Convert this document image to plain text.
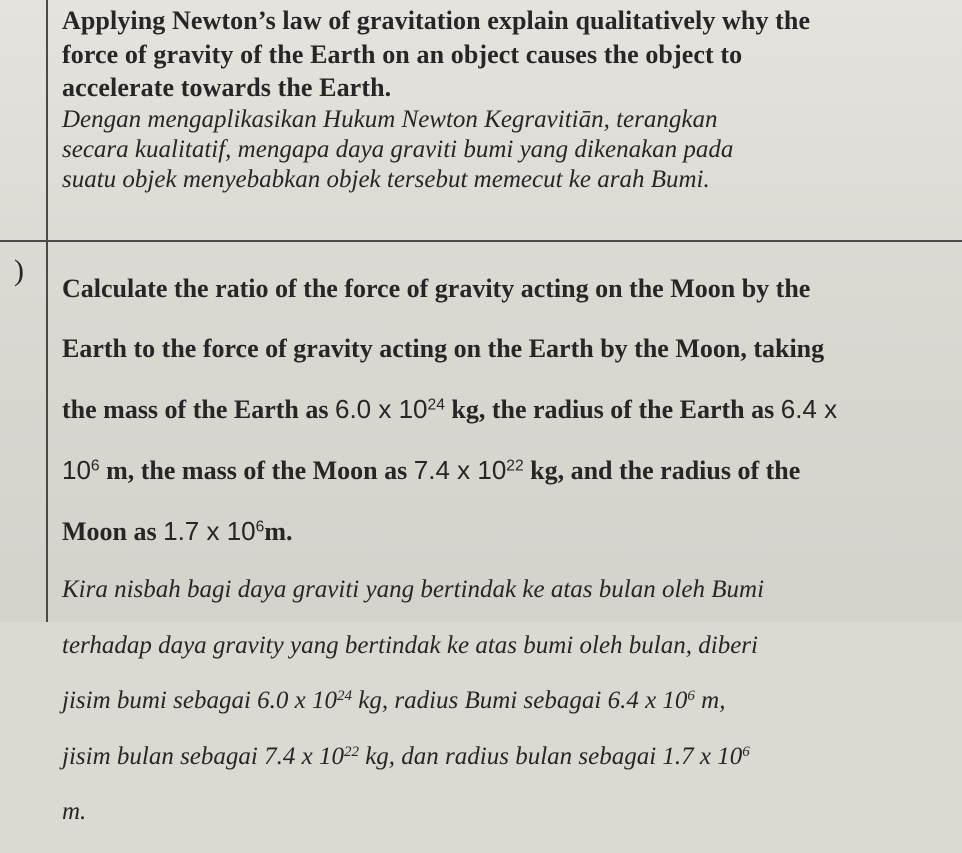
Applying Newton’s law of gravitation explain qualitatively why the

force of gravity of the Earth on an object causes the object to

accelerate towards the Earth.

Dengan mengaplikasikan Hukum Newton Kegravitiān, terangkan

secara kualitatif, mengapa daya graviti bumi yang dikenakan pada

suatu objek menyebabkan objek tersebut memecut ke arah Bumi.

)

Calculate the ratio of the force of gravity acting on the Moon by the

Earth to the force of gravity acting on the Earth by the Moon, taking

the mass of the Earth as 6.0 x $10^{24}$ kg, the radius of the Earth as 6.4 x

$10^6$ m, the mass of the Moon as 7.4 x $10^{22}$ kg, and the radius of the

Moon as 1.7 x $10^6m$.

Kira nisbah bagi daya graviti yang bertindak ke atas bulan oleh Bumi

terhadap daya gravity yang bertindak ke atas bumi oleh bulan, diberi

jisim bumi sebagai 6.0 x $10^{24}$ kg, radius Bumi sebagai 6.4 x $10^6$ m,

jisim bulan sebagai 7.4 x $10^{22}$ kg, dan radius bulan sebagai 1.7 x $10^6$

m.
